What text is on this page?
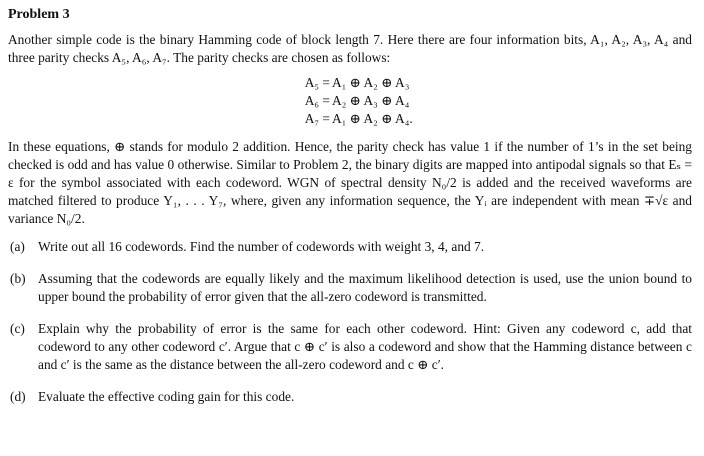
Problem 3

Another simple code is the binary Hamming code of block length 7. Here there are four information bits, A₁, A₂, A₃, A₄ and three parity checks A₅, A₆, A₇. The parity checks are chosen as follows:

A₅ = A₁ ⊕ A₂ ⊕ A₃
A₆ = A₂ ⊕ A₃ ⊕ A₄
A₇ = A₁ ⊕ A₂ ⊕ A₄.

In these equations, ⊕ stands for modulo 2 addition. Hence, the parity check has value 1 if the number of 1’s in the set being checked is odd and has value 0 otherwise. Similar to Problem 2, the binary digits are mapped into antipodal signals so that Eₛ = ε for the symbol associated with each codeword. WGN of spectral density N₀/2 is added and the received waveforms are matched filtered to produce Y₁, . . . Y₇, where, given any information sequence, the Yᵢ are independent with mean ∓√ε and variance N₀/2.

(a) Write out all 16 codewords. Find the number of codewords with weight 3, 4, and 7.
(b) Assuming that the codewords are equally likely and the maximum likelihood detection is used, use the union bound to upper bound the probability of error given that the all-zero codeword is transmitted.
(c) Explain why the probability of error is the same for each other codeword. Hint: Given any codeword c, add that codeword to any other codeword c′. Argue that c ⊕ c′ is also a codeword and show that the Hamming distance between c and c′ is the same as the distance between the all-zero codeword and c ⊕ c′.
(d) Evaluate the effective coding gain for this code.
